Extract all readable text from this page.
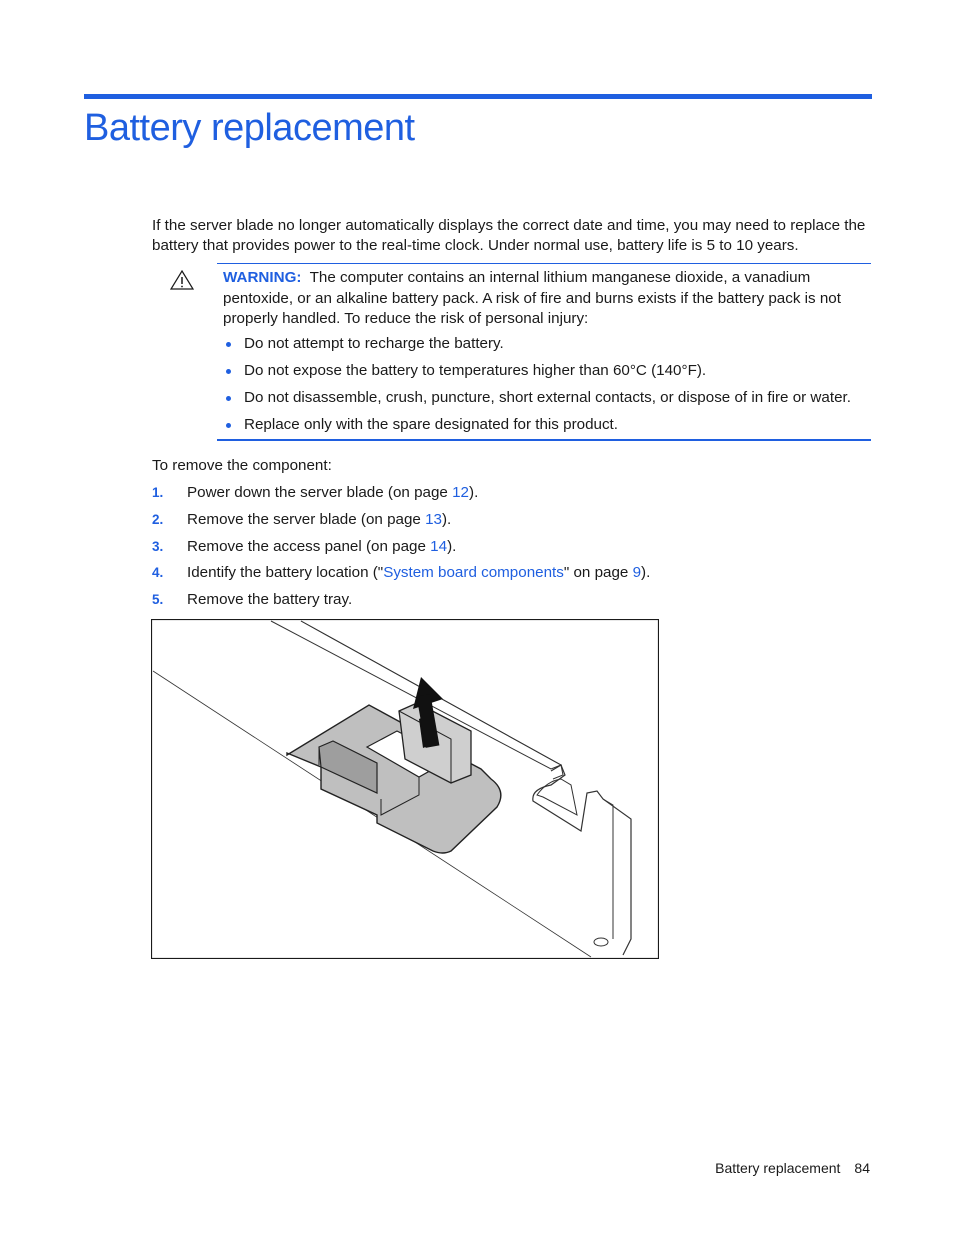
Battery replacement

If the server blade no longer automatically displays the correct date and time, you may need to replace the battery that provides power to the real-time clock. Under normal use, battery life is 5 to 10 years.

WARNING: The computer contains an internal lithium manganese dioxide, a vanadium pentoxide, or an alkaline battery pack. A risk of fire and burns exists if the battery pack is not properly handled. To reduce the risk of personal injury:

Do not attempt to recharge the battery.
Do not expose the battery to temperatures higher than 60°C (140°F).
Do not disassemble, crush, puncture, short external contacts, or dispose of in fire or water.
Replace only with the spare designated for this product.

To remove the component:

1. Power down the server blade (on page 12).
2. Remove the server blade (on page 13).
3. Remove the access panel (on page 14).
4. Identify the battery location ("System board components" on page 9).
5. Remove the battery tray.
Battery replacement 84
